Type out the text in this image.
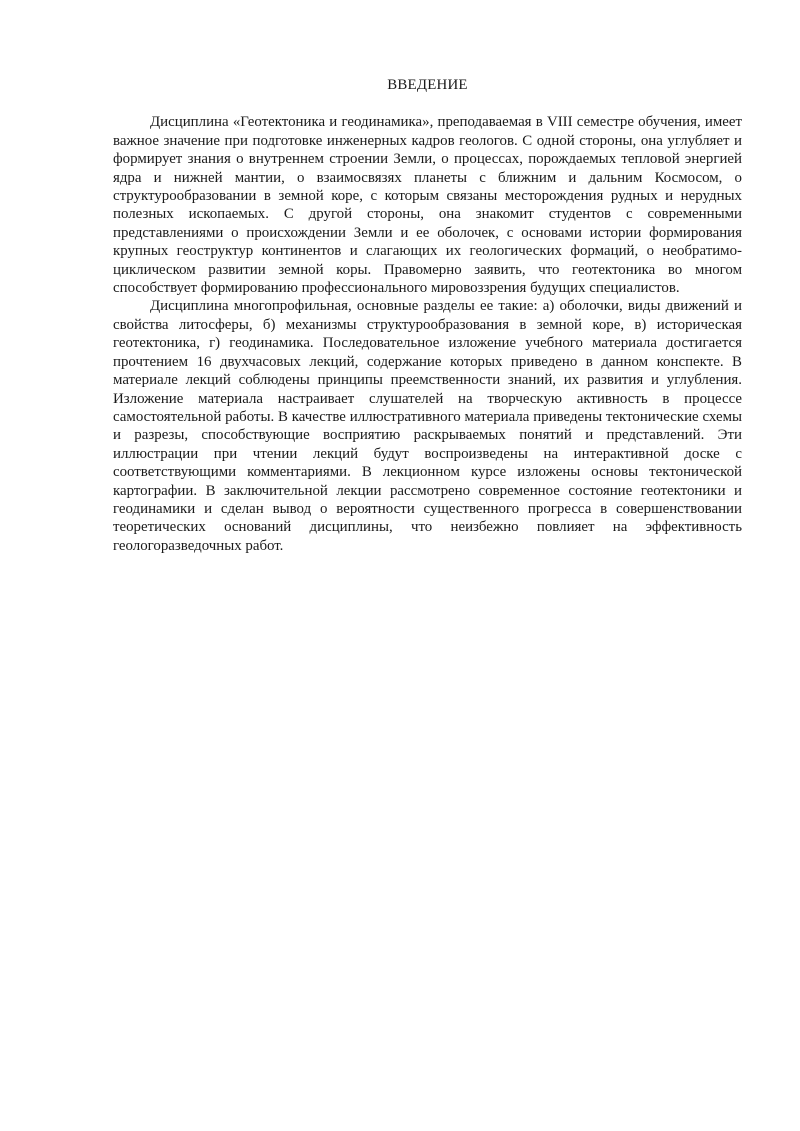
ВВЕДЕНИЕ

Дисциплина «Геотектоника и геодинамика», преподаваемая в VIII семестре обучения, имеет важное значение при подготовке инженерных кадров геологов. С одной стороны, она углубляет и формирует знания о внутреннем строении Земли, о процессах, порождаемых тепловой энергией ядра и нижней мантии, о взаимосвязях планеты с ближним и дальним Космосом, о структурообразовании в земной коре, с которым связаны месторождения рудных и нерудных полезных ископаемых. С другой стороны, она знакомит студентов с современными представлениями о происхождении Земли и ее оболочек, с основами истории формирования крупных геоструктур континентов и слагающих их геологических формаций, о необратимо-циклическом развитии земной коры. Правомерно заявить, что геотектоника во многом способствует формированию профессионального мировоззрения будущих специалистов.

Дисциплина многопрофильная, основные разделы ее такие: а) оболочки, виды движений и свойства литосферы, б) механизмы структурообразования в земной коре, в) историческая геотектоника, г) геодинамика. Последовательное изложение учебного материала достигается прочтением 16 двухчасовых лекций, содержание которых приведено в данном конспекте. В материале лекций соблюдены принципы преемственности знаний, их развития и углубления. Изложение материала настраивает слушателей на творческую активность в процессе самостоятельной работы. В качестве иллюстративного материала приведены тектонические схемы и разрезы, способствующие восприятию раскрываемых понятий и представлений. Эти иллюстрации при чтении лекций будут воспроизведены на интерактивной доске с соответствующими комментариями. В лекционном курсе изложены основы тектонической картографии. В заключительной лекции рассмотрено современное состояние геотектоники и геодинамики и сделан вывод о вероятности существенного прогресса в совершенствовании теоретических оснований дисциплины, что неизбежно повлияет на эффективность геологоразведочных работ.
